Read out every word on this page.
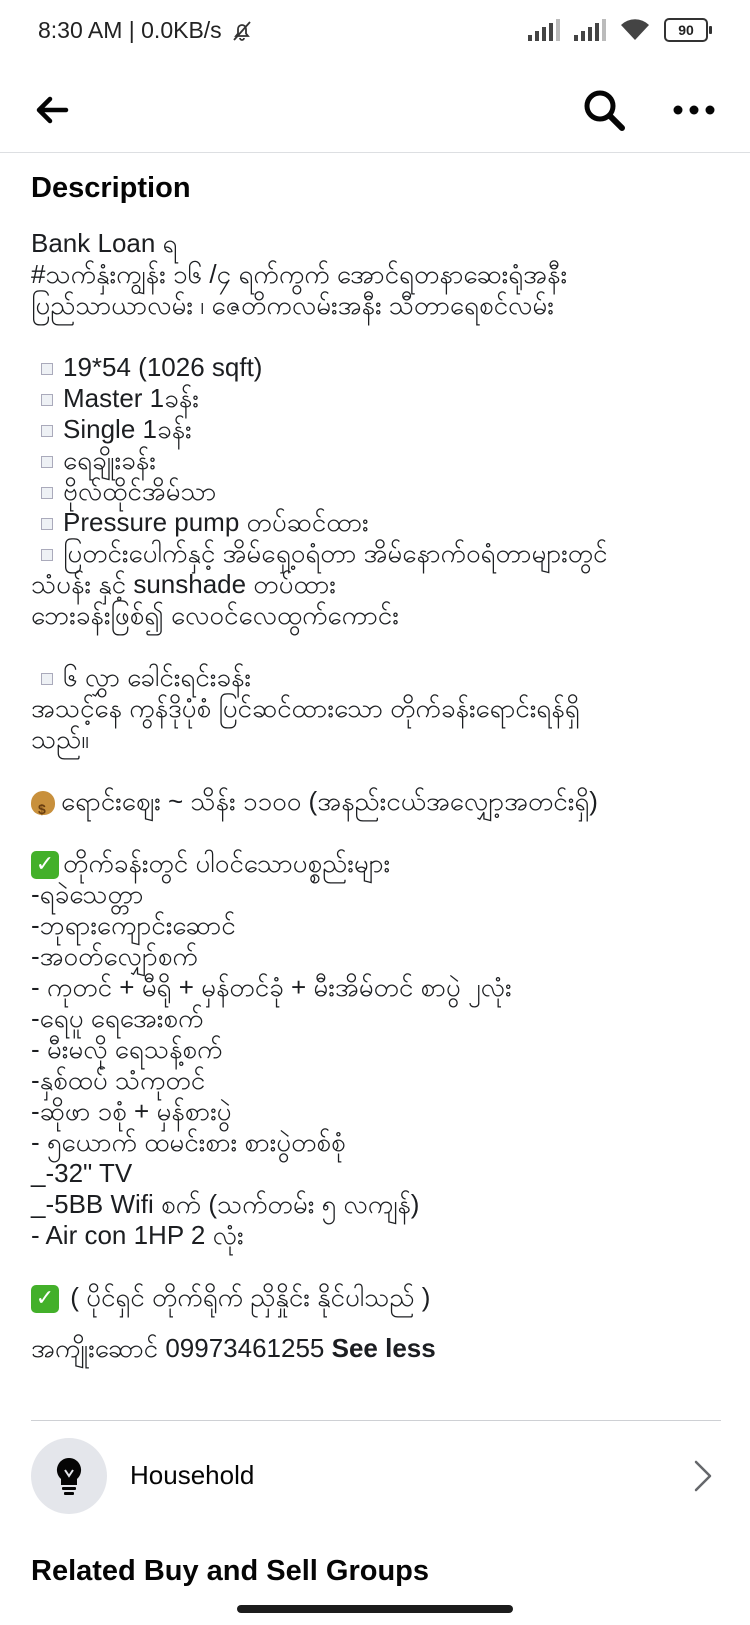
8:30 AM | 0.0KB/s	90
Description
Bank Loan ရ
#သက်နှံးကျွန်း ၁၆ /၄ ရက်ကွက် အောင်ရတနာဆေးရုံအနီး
ပြည်သာယာလမ်း ၊ ဇေတိကလမ်းအနီး သီတာရေစင်လမ်း
19*54 (1026 sqft)
Master 1ခန်း
Single 1ခန်း
ရေချိုးခန်း
ဗိုလ်ထိုင်အိမ်သာ
Pressure pump တပ်ဆင်ထား
ပြတင်းပေါက်နှင့် အိမ်ရှေ့ဝရံတာ အိမ်နောက်ဝရံတာများတွင်
သံပန်း နှင့် sunshade တပ်ထား
ဘေးခန်းဖြစ်၍ လေဝင်လေထွက်ကောင်း
၆ လွှာ ခေါင်းရင်းခန်း
အသင့်နေ ကွန်ဒိုပုံစံ ပြင်ဆင်ထားသော တိုက်ခန်းရောင်းရန်ရှိ
သည်။
$ရောင်းဈေး ~ သိန်း ၁၁၀၀ (အနည်းငယ်အလျှော့အတင်းရှိ)
✓ တိုက်ခန်းတွင် ပါဝင်သောပစ္စည်းများ
-ရခဲသေတ္တာ
-ဘုရားကျောင်းဆောင်
-အဝတ်လျှော်စက်
- ကုတင် + မီရို + မှန်တင်ခုံ + မီးအိမ်တင် စာပွဲ ၂လုံး
-ရေပူ ရေအေးစက်
- မီးမလို ရေသန့်စက်
-နှစ်ထပ် သံကုတင်
-ဆိုဖာ ၁စုံ + မှန်စားပွဲ
- ၅ယောက် ထမင်းစား စားပွဲတစ်စုံ
_-32" TV
_-5BB Wifi စက် (သက်တမ်း ၅ လကျန်)
- Air con 1HP 2 လုံး
✓ ( ပိုင်ရှင် တိုက်ရိုက် ညှိနှိုင်း နိုင်ပါသည် )
အကျိုးဆောင် 09973461255 See less
Household
Related Buy and Sell Groups
